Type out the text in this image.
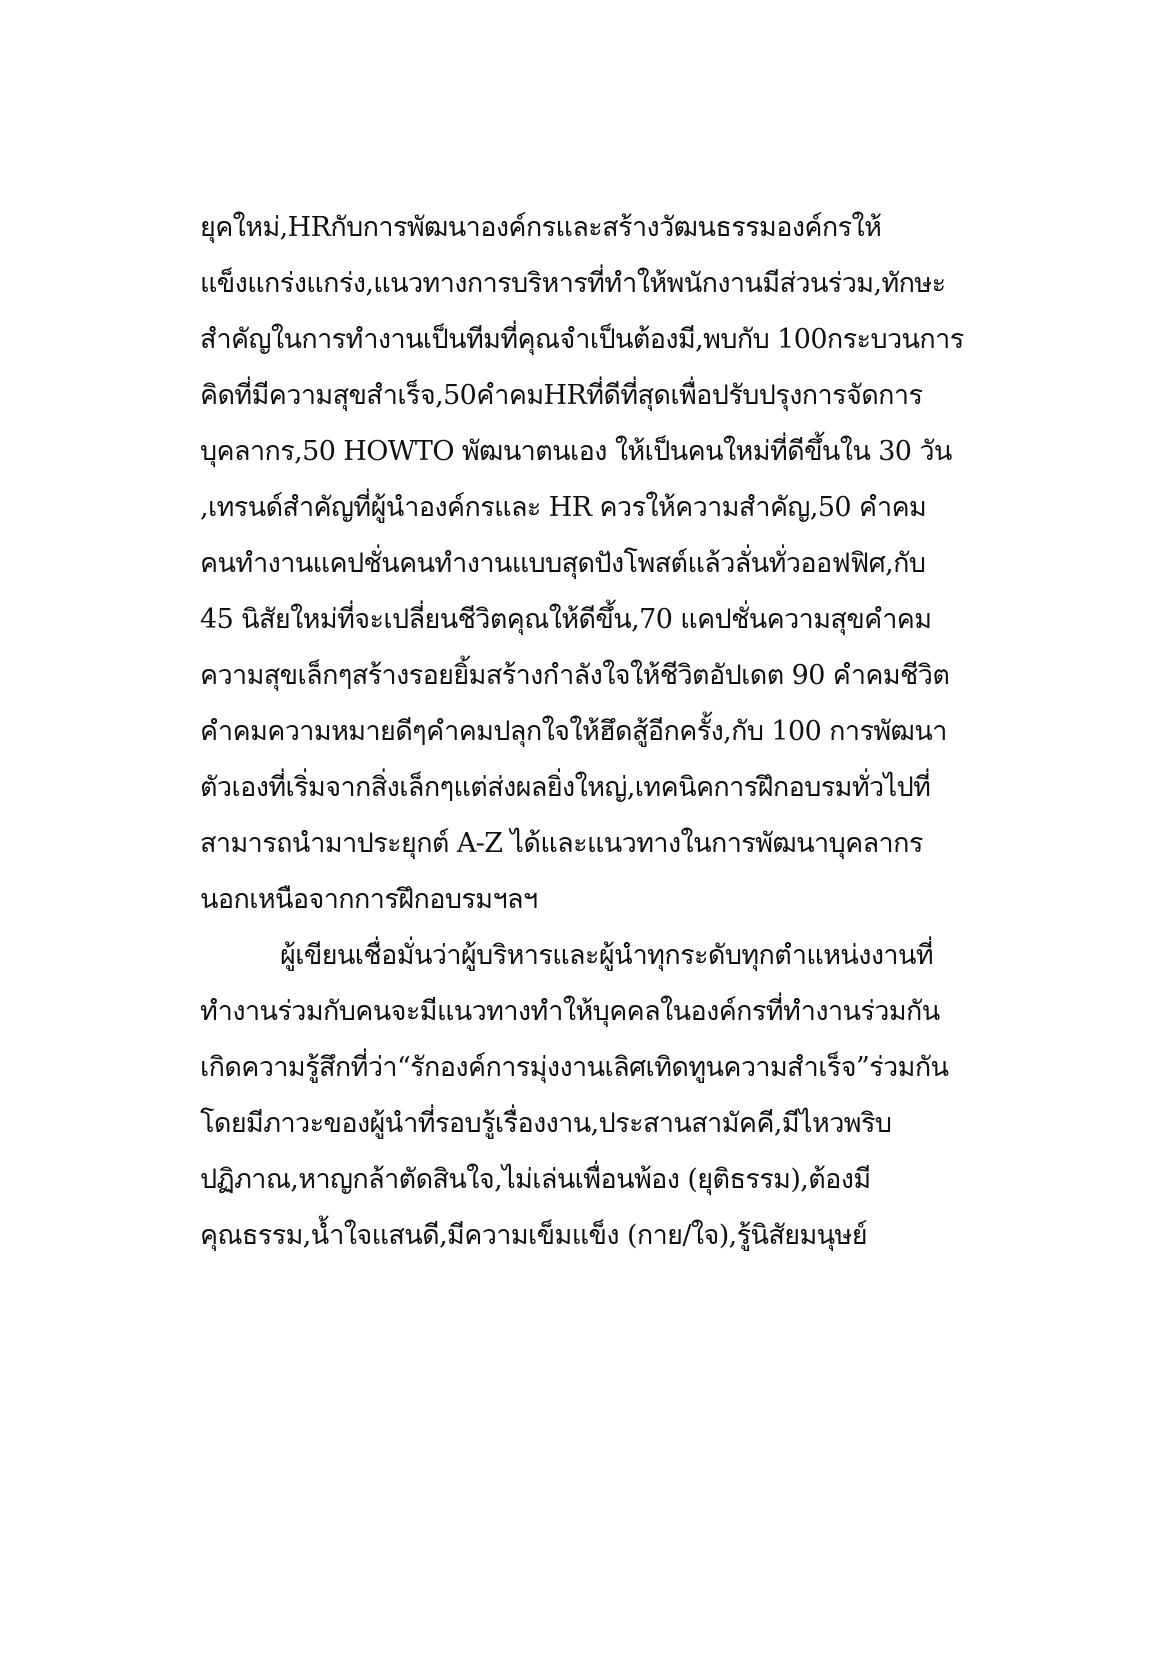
ยุคใหม่,HRกับการพัฒนาองค์กรและสร้างวัฒนธรรมองค์กรให้
แข็งแกร่งแกร่ง,แนวทางการบริหารที่ทำให้พนักงานมีส่วนร่วม,ทักษะ
สำคัญในการทำงานเป็นทีมที่คุณจำเป็นต้องมี,พบกับ 100กระบวนการ
คิดที่มีความสุขสำเร็จ,50คำคมHRที่ดีที่สุดเพื่อปรับปรุงการจัดการ
บุคลากร,50 HOWTO พัฒนาตนเอง ให้เป็นคนใหม่ที่ดีขึ้นใน 30 วัน
,เทรนด์สำคัญที่ผู้นำองค์กรและ HR ควรให้ความสำคัญ,50 คำคม
คนทำงานแคปชั่นคนทำงานแบบสุดปังโพสต์แล้วลั่นทั่วออฟฟิศ,กับ
45 นิสัยใหม่ที่จะเปลี่ยนชีวิตคุณให้ดีขึ้น,70 แคปชั่นความสุขคำคม
ความสุขเล็กๆสร้างรอยยิ้มสร้างกำลังใจให้ชีวิตอัปเดต 90 คำคมชีวิต
คำคมความหมายดีๆคำคมปลุกใจให้ฮึดสู้อีกครั้ง,กับ 100 การพัฒนา
ตัวเองที่เริ่มจากสิ่งเล็กๆแต่ส่งผลยิ่งใหญ่,เทคนิคการฝึกอบรมทั่วไปที่
สามารถนำมาประยุกต์ A-Z ได้และแนวทางในการพัฒนาบุคลากร
นอกเหนือจากการฝึกอบรมฯลฯ
ผู้เขียนเชื่อมั่นว่าผู้บริหารและผู้นำทุกระดับทุกตำแหน่งงานที่
ทำงานร่วมกับคนจะมีแนวทางทำให้บุคคลในองค์กรที่ทำงานร่วมกัน
เกิดความรู้สึกที่ว่า“รักองค์การมุ่งงานเลิศเทิดทูนความสำเร็จ”ร่วมกัน
โดยมีภาวะของผู้นำที่รอบรู้เรื่องงาน,ประสานสามัคคี,มีไหวพริบ
ปฏิภาณ,หาญกล้าตัดสินใจ,ไม่เล่นเพื่อนพ้อง (ยุติธรรม),ต้องมี
คุณธรรม,น้ำใจแสนดี,มีความเข็มแข็ง (กาย/ใจ),รู้นิสัยมนุษย์
